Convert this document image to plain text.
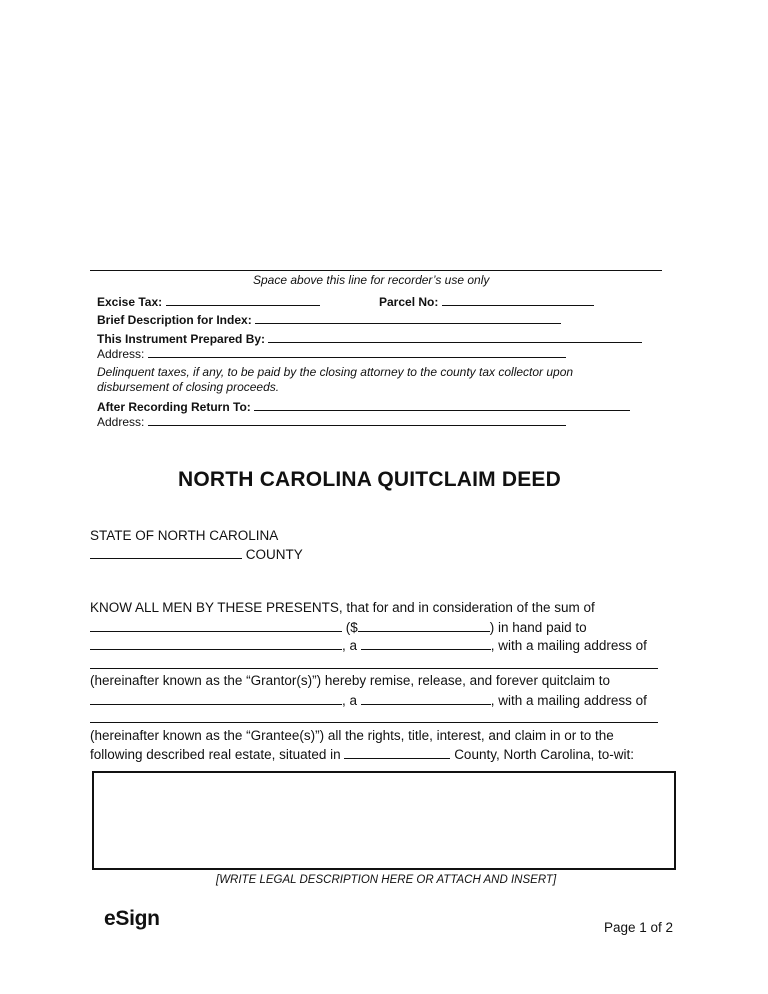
Space above this line for recorder’s use only
Excise Tax:	Parcel No:
Brief Description for Index:
This Instrument Prepared By:
Address:
Delinquent taxes, if any, to be paid by the closing attorney to the county tax collector upon
disbursement of closing proceeds.
After Recording Return To:
Address:
NORTH CAROLINA QUITCLAIM DEED
STATE OF NORTH CAROLINA
COUNTY
KNOW ALL MEN BY THESE PRESENTS, that for and in consideration of the sum of
($	) in hand paid to
, a	, with a mailing address of
(hereinafter known as the “Grantor(s)”) hereby remise, release, and forever quitclaim to
, a	, with a mailing address of
(hereinafter known as the “Grantee(s)”) all the rights, title, interest, and claim in or to the
following described real estate, situated in	County, North Carolina, to-wit:
[WRITE LEGAL DESCRIPTION HERE OR ATTACH AND INSERT]
eSign	Page 1 of 2
